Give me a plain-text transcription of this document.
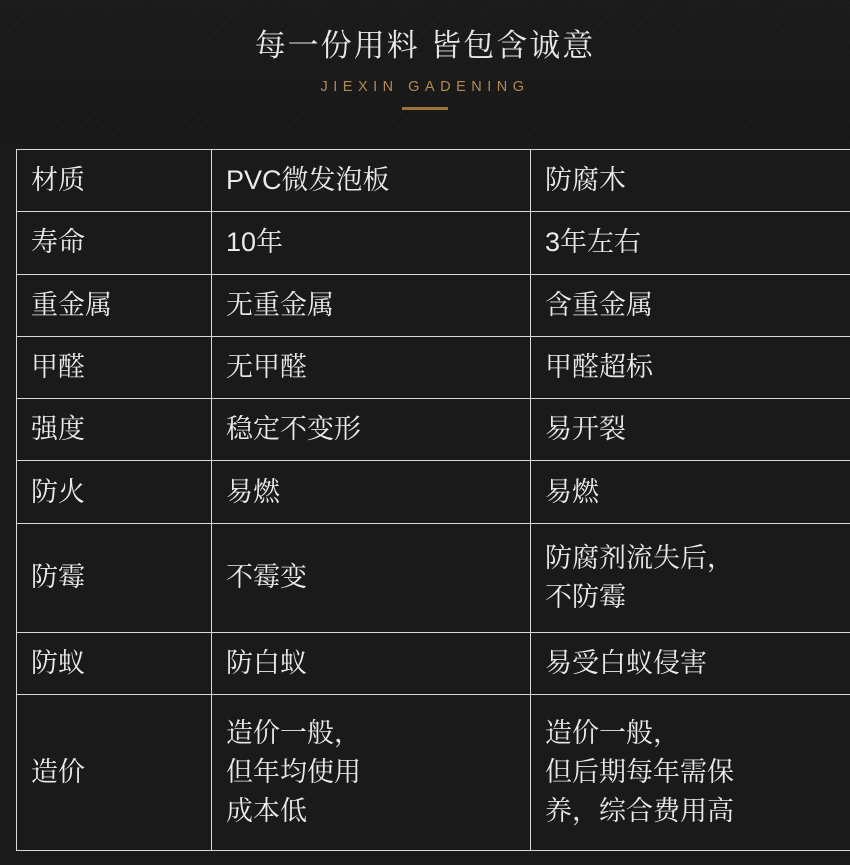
每一份用料 皆包含诚意
JIEXIN GADENING
材质	PVC微发泡板	防腐木

寿命	10年	3年左右

重金属	无重金属	含重金属

甲醛	无甲醛	甲醛超标

强度	稳定不变形	易开裂

防火	易燃	易燃

防霉	不霉变	防腐剂流失后，
不防霉

防蚁	防白蚁	易受白蚁侵害

造价	造价一般，
但年均使用
成本低	造价一般，
但后期每年需保
养，综合费用高
